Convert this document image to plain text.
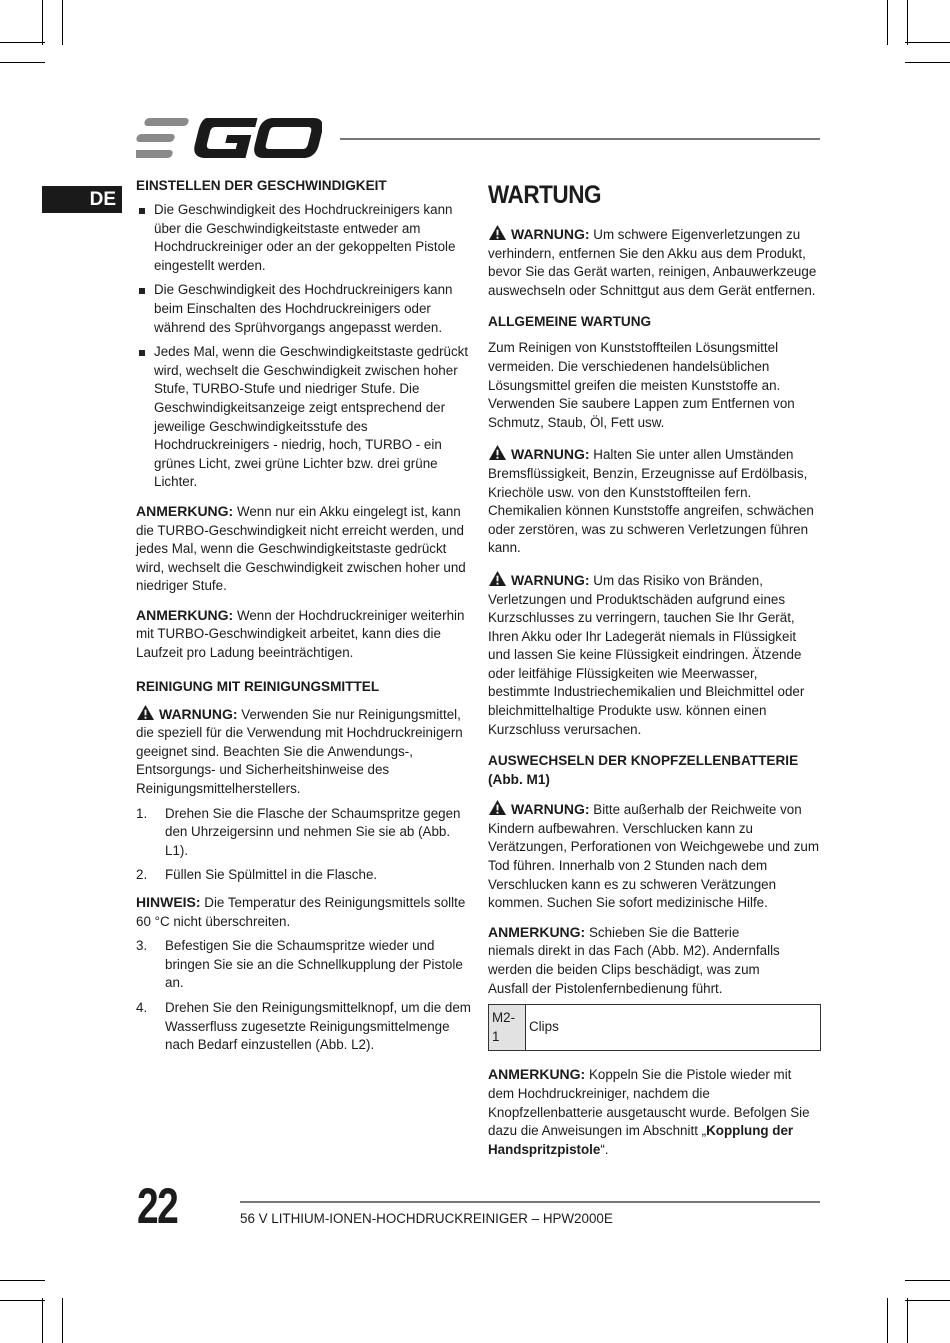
DE
EINSTELLEN DER GESCHWINDIGKEIT
Die Geschwindigkeit des Hochdruckreinigers kann über die Geschwindigkeitstaste entweder am Hochdruckreiniger oder an der gekoppelten Pistole eingestellt werden.
Die Geschwindigkeit des Hochdruckreinigers kann beim Einschalten des Hochdruckreinigers oder während des Sprühvorgangs angepasst werden.
Jedes Mal, wenn die Geschwindigkeitstaste gedrückt wird, wechselt die Geschwindigkeit zwischen hoher Stufe, TURBO-Stufe und niedriger Stufe. Die Geschwindigkeitsanzeige zeigt entsprechend der jeweilige Geschwindigkeitsstufe des Hochdruckreinigers - niedrig, hoch, TURBO - ein grünes Licht, zwei grüne Lichter bzw. drei grüne Lichter.

ANMERKUNG: Wenn nur ein Akku eingelegt ist, kann die TURBO-Geschwindigkeit nicht erreicht werden, und jedes Mal, wenn die Geschwindigkeitstaste gedrückt wird, wechselt die Geschwindigkeit zwischen hoher und niedriger Stufe.

ANMERKUNG: Wenn der Hochdruckreiniger weiterhin mit TURBO-Geschwindigkeit arbeitet, kann dies die Laufzeit pro Ladung beeinträchtigen.

REINIGUNG MIT REINIGUNGSMITTEL

WARNUNG: Verwenden Sie nur Reinigungsmittel, die speziell für die Verwendung mit Hochdruckreinigern geeignet sind. Beachten Sie die Anwendungs-, Entsorgungs- und Sicherheitshinweise des Reinigungsmittelherstellers.

1. Drehen Sie die Flasche der Schaumspritze gegen den Uhrzeigersinn und nehmen Sie sie ab (Abb. L1).
2. Füllen Sie Spülmittel in die Flasche.

HINWEIS: Die Temperatur des Reinigungsmittels sollte 60 °C nicht überschreiten.

3. Befestigen Sie die Schaumspritze wieder und bringen Sie sie an die Schnellkupplung der Pistole an.
4. Drehen Sie den Reinigungsmittelknopf, um die dem Wasserfluss zugesetzte Reinigungsmittelmenge nach Bedarf einzustellen (Abb. L2).
WARTUNG

WARNUNG: Um schwere Eigenverletzungen zu verhindern, entfernen Sie den Akku aus dem Produkt, bevor Sie das Gerät warten, reinigen, Anbauwerkzeuge auswechseln oder Schnittgut aus dem Gerät entfernen.

ALLGEMEINE WARTUNG

Zum Reinigen von Kunststoffteilen Lösungsmittel vermeiden. Die verschiedenen handelsüblichen Lösungsmittel greifen die meisten Kunststoffe an. Verwenden Sie saubere Lappen zum Entfernen von Schmutz, Staub, Öl, Fett usw.

WARNUNG: Halten Sie unter allen Umständen Bremsflüssigkeit, Benzin, Erzeugnisse auf Erdölbasis, Kriechöle usw. von den Kunststoffteilen fern. Chemikalien können Kunststoffe angreifen, schwächen oder zerstören, was zu schweren Verletzungen führen kann.

WARNUNG: Um das Risiko von Bränden, Verletzungen und Produktschäden aufgrund eines Kurzschlusses zu verringern, tauchen Sie Ihr Gerät, Ihren Akku oder Ihr Ladegerät niemals in Flüssigkeit und lassen Sie keine Flüssigkeit eindringen. Ätzende oder leitfähige Flüssigkeiten wie Meerwasser, bestimmte Industriechemikalien und Bleichmittel oder bleichmittelhaltige Produkte usw. können einen Kurzschluss verursachen.

AUSWECHSELN DER KNOPFZELLENBATTERIE (Abb. M1)

WARNUNG: Bitte außerhalb der Reichweite von Kindern aufbewahren. Verschlucken kann zu Verätzungen, Perforationen von Weichgewebe und zum Tod führen. Innerhalb von 2 Stunden nach dem Verschlucken kann es zu schweren Verätzungen kommen. Suchen Sie sofort medizinische Hilfe.

ANMERKUNG: Schieben Sie die Batterie niemals direkt in das Fach (Abb. M2). Andernfalls werden die beiden Clips beschädigt, was zum Ausfall der Pistolenfernbedienung führt.

M2-1	Clips

ANMERKUNG: Koppeln Sie die Pistole wieder mit dem Hochdruckreiniger, nachdem die Knopfzellenbatterie ausgetauscht wurde. Befolgen Sie dazu die Anweisungen im Abschnitt „Kopplung der Handspritzpistole“.

22	56 V LITHIUM-IONEN-HOCHDRUCKREINIGER – HPW2000E
